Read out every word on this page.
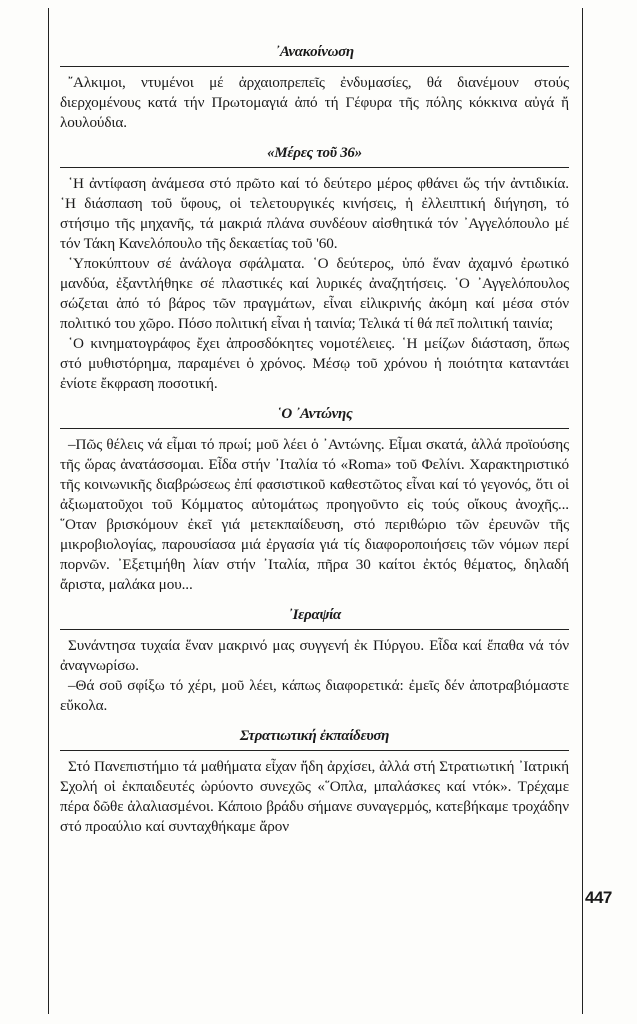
᾿Ανακοίνωση

῎Αλκιμοι, ντυμένοι μέ ἀρχαιοπρεπεῖς ἐνδυμασίες, θά διανέμουν στούς διερχομένους κατά τήν Πρωτομαγιά ἀπό τή Γέφυρα τῆς πόλης κόκκινα αὐγά ἤ λουλούδια.

«Μέρες τοῦ 36»

῾Η ἀντίφαση ἀνάμεσα στό πρῶτο καί τό δεύτερο μέρος φθάνει ὥς τήν ἀντιδικία. ῾Η διάσπαση τοῦ ὕφους, οἱ τελετουργικές κινήσεις, ἡ ἐλλειπτική διήγηση, τό στήσιμο τῆς μηχανῆς, τά μακριά πλάνα συνδέουν αἰσθητικά τόν ᾿Αγγελόπουλο μέ τόν Τάκη Κανελόπουλο τῆς δεκαετίας τοῦ '60.

῾Υποκύπτουν σέ ἀνάλογα σφάλματα. ῾Ο δεύτερος, ὑπό ἕναν ἀχαμνό ἐρωτικό μανδύα, ἐξαντλήθηκε σέ πλαστικές καί λυρικές ἀναζητήσεις. ῾Ο ᾿Αγγελόπουλος σώζεται ἀπό τό βάρος τῶν πραγμάτων, εἶναι εἰλικρινής ἀκόμη καί μέσα στόν πολιτικό του χῶρο. Πόσο πολιτική εἶναι ἡ ταινία; Τελικά τί θά πεῖ πολιτική ταινία;

῾Ο κινηματογράφος ἔχει ἀπροσδόκητες νομοτέλειες. ῾Η μείζων διάσταση, ὅπως στό μυθιστόρημα, παραμένει ὁ χρόνος. Μέσῳ τοῦ χρόνου ἡ ποιότητα καταντάει ἐνίοτε ἔκφραση ποσοτική.

῾Ο ᾿Αντώνης

–Πῶς θέλεις νά εἶμαι τό πρωί; μοῦ λέει ὁ ᾿Αντώνης. Εἶμαι σκατά, ἀλλά προϊούσης τῆς ὥρας ἀνατάσσομαι. Εἶδα στήν ᾿Ιταλία τό «Roma» τοῦ Φελίνι. Χαρακτηριστικό τῆς κοινωνικῆς διαβρώσεως ἐπί φασιστικοῦ καθεστῶτος εἶναι καί τό γεγονός, ὅτι οἱ ἀξιωματοῦχοι τοῦ Κόμματος αὐτομάτως προηγοῦντο εἰς τούς οἴκους ἀνοχῆς... ῞Οταν βρισκόμουν ἐκεῖ γιά μετεκπαίδευση, στό περιθώριο τῶν ἐρευνῶν τῆς μικροβιολογίας, παρουσίασα μιά ἐργασία γιά τίς διαφοροποιήσεις τῶν νόμων περί πορνῶν. ᾿Εξετιμήθη λίαν στήν ᾿Ιταλία, πῆρα 30 καίτοι ἐκτός θέματος, δηλαδή ἄριστα, μαλάκα μου...

᾿Ιεραψία

Συνάντησα τυχαία ἕναν μακρινό μας συγγενή ἐκ Πύργου. Εἶδα καί ἔπαθα νά τόν ἀναγνωρίσω.

–Θά σοῦ σφίξω τό χέρι, μοῦ λέει, κάπως διαφορετικά: ἐμεῖς δέν ἀποτραβιόμαστε εὔκολα.

Στρατιωτική ἐκπαίδευση

Στό Πανεπιστήμιο τά μαθήματα εἶχαν ἤδη ἀρχίσει, ἀλλά στή Στρατιωτική ᾿Ιατρική Σχολή οἱ ἐκπαιδευτές ὠρύοντο συνεχῶς «῞Οπλα, μπαλάσκες καί ντόκ». Τρέχαμε πέρα δῶθε ἀλαλιασμένοι. Κάποιο βράδυ σήμανε συναγερμός, κατεβήκαμε τροχάδην στό προαύλιο καί συνταχθήκαμε ἄρον

447
